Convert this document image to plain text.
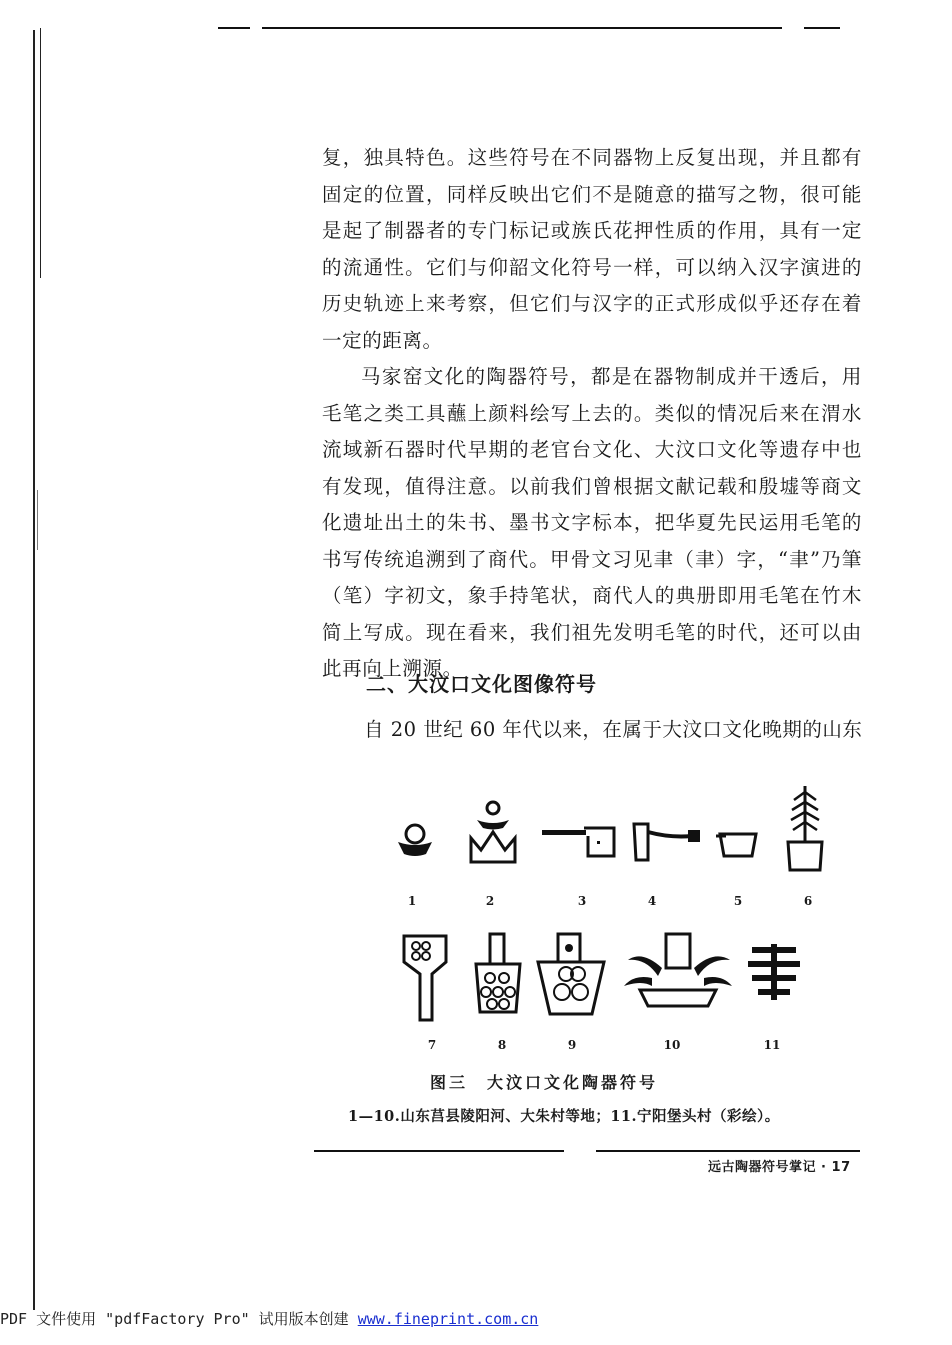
复，独具特色。这些符号在不同器物上反复出现，并且都有固定的位置，同样反映出它们不是随意的描写之物，很可能是起了制器者的专门标记或族氏花押性质的作用，具有一定的流通性。它们与仰韶文化符号一样，可以纳入汉字演进的历史轨迹上来考察，但它们与汉字的正式形成似乎还存在着一定的距离。

马家窑文化的陶器符号，都是在器物制成并干透后，用毛笔之类工具蘸上颜料绘写上去的。类似的情况后来在渭水流域新石器时代早期的老官台文化、大汶口文化等遗存中也有发现，值得注意。以前我们曾根据文献记载和殷墟等商文化遗址出土的朱书、墨书文字标本，把华夏先民运用毛笔的书写传统追溯到了商代。甲骨文习见聿（聿）字，“聿”乃筆（笔）字初文，象手持笔状，商代人的典册即用毛笔在竹木简上写成。现在看来，我们祖先发明毛笔的时代，还可以由此再向上溯源。

二、大汶口文化图像符号
自 20 世纪 60 年代以来，在属于大汶口文化晚期的山东
1	2	3	4	5	6
7	8	9	10	11
图三　大汶口文化陶器符号
1—10.山东莒县陵阳河、大朱村等地；11.宁阳堡头村（彩绘）。
远古陶器符号掌记 · 17
PDF 文件使用 "pdfFactory Pro" 试用版本创建 www.fineprint.com.cn
